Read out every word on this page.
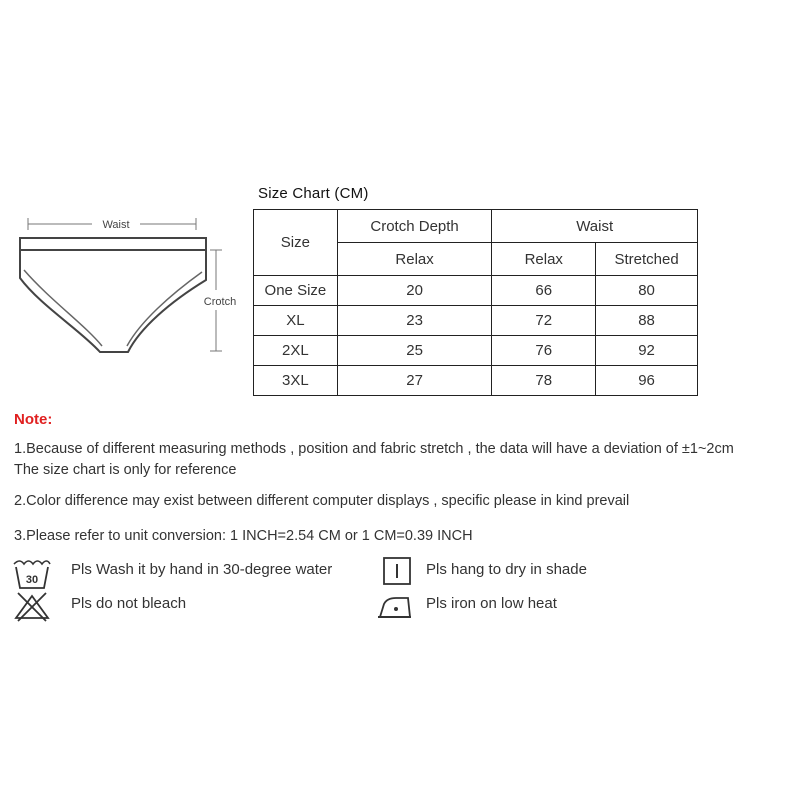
Waist
Crotch
Size Chart (CM)
Size	Crotch Depth	Waist	
	Relax	Relax	Stretched
One Size	20	66	80
XL	23	72	88
2XL	25	76	92
3XL	27	78	96
Note:
1.Because of different measuring methods , position and fabric stretch , the data will have a deviation of ±1~2cm
The size chart is only for reference
2.Color difference may exist between different computer displays , specific please in kind prevail
3.Please refer to unit conversion: 1 INCH=2.54 CM or 1 CM=0.39 INCH
30
Pls Wash it by hand in 30-degree water
Pls do not bleach
Pls hang to dry in shade
Pls iron on low heat
